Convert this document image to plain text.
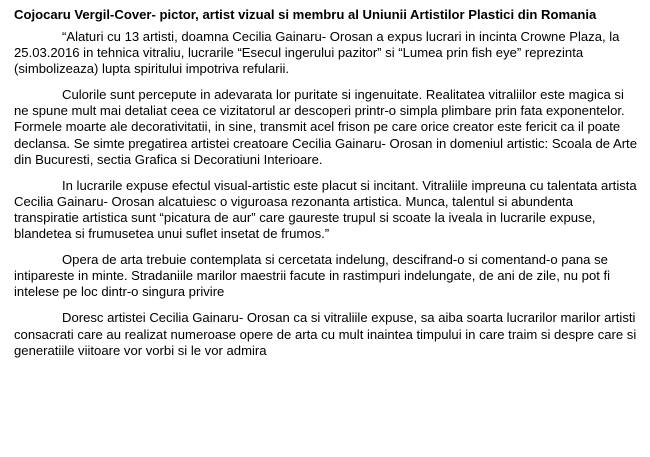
Cojocaru Vergil-Cover- pictor, artist vizual si membru al Uniunii Artistilor Plastici din Romania

“Alaturi cu 13 artisti, doamna Cecilia Gainaru- Orosan a expus lucrari in incinta Crowne Plaza, la 25.03.2016 in tehnica vitraliu, lucrarile “Esecul ingerului pazitor” si “Lumea prin fish eye” reprezinta (simbolizeaza) lupta spiritului impotriva refularii.

Culorile sunt percepute in adevarata lor puritate si ingenuitate. Realitatea vitraliilor este magica si ne spune mult mai detaliat ceea ce vizitatorul ar descoperi printr-o simpla plimbare prin fata exponentelor. Formele moarte ale decorativitatii, in sine, transmit acel frison pe care orice creator este fericit ca il poate declansa. Se simte pregatirea artistei creatoare Cecilia Gainaru- Orosan in domeniul artistic: Scoala de Arte din Bucuresti, sectia Grafica si Decoratiuni Interioare.

In lucrarile expuse efectul visual-artistic este placut si incitant. Vitraliile impreuna cu talentata artista Cecilia Gainaru- Orosan alcatuiesc o viguroasa rezonanta artistica. Munca, talentul si abundenta transpiratie artistica sunt “picatura de aur” care gaureste trupul si scoate la iveala in lucrarile expuse, blandetea si frumusetea unui suflet insetat de frumos.”

Opera de arta trebuie contemplata si cercetata indelung, descifrand-o si comentand-o pana se intipareste in minte. Stradaniile marilor maestrii facute in rastimpuri indelungate, de ani de zile, nu pot fi intelese pe loc dintr-o singura privire

Doresc artistei Cecilia Gainaru- Orosan ca si vitraliile expuse, sa aiba soarta lucrarilor marilor artisti consacrati care au realizat numeroase opere de arta cu mult inaintea timpului in care traim si despre care si generatiile viitoare vor vorbi si le vor admira
